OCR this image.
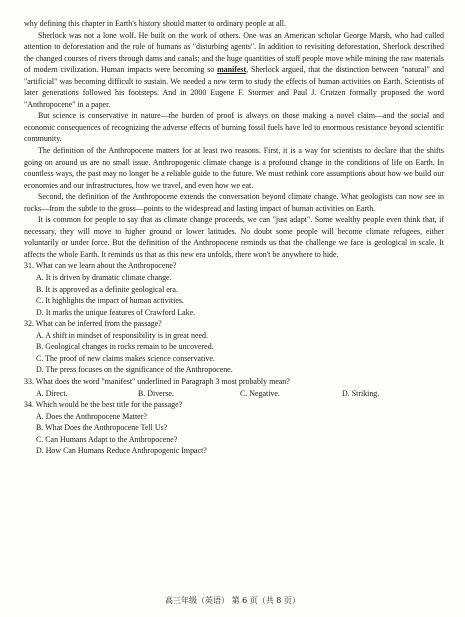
why defining this chapter in Earth's history should matter to ordinary people at all.

Sherlock was not a lone wolf. He built on the work of others. One was an American scholar George Marsh, who had called attention to deforestation and the role of humans as "disturbing agents". In addition to revisiting deforestation, Sherlock described the changed courses of rivers through dams and canals; and the huge quantities of stuff people move while mining the raw materials of modern civilization. Human impacts were becoming so manifest, Sherlock argued, that the distinction between "natural" and "artificial" was becoming difficult to sustain. We needed a new term to study the effects of human activities on Earth. Scientists of later generations followed his footsteps. And in 2000 Eugene F. Stormer and Paul J. Crutzen formally proposed the word "Anthropocene" in a paper.

But science is conservative in nature—the burden of proof is always on those making a novel claim—and the social and economic consequences of recognizing the adverse effects of burning fossil fuels have led to enormous resistance beyond scientific community.

The definition of the Anthropocene matters for at least two reasons. First, it is a way for scientists to declare that the shifts going on around us are no small issue. Anthropogenic climate change is a profound change in the conditions of life on Earth. In countless ways, the past may no longer be a reliable guide to the future. We must rethink core assumptions about how we build our economies and our infrastructures, how we travel, and even how we eat.

Second, the definition of the Anthropocene extends the conversation beyond climate change. What geologists can now see in rocks—from the subtle to the gross—points to the widespread and lasting impact of human activities on Earth.

It is common for people to say that as climate change proceeds, we can "just adapt". Some wealthy people even think that, if necessary, they will move to higher ground or lower latitudes. No doubt some people will become climate refugees, either voluntarily or under force. But the definition of the Anthropocene reminds us that the challenge we face is geological in scale. It affects the whole Earth. It reminds us that as this new era unfolds, there won't be anywhere to hide.

31. What can we learn about the Anthropocene?

A. It is driven by dramatic climate change.

B. It is approved as a definite geological era.

C. It highlights the impact of human activities.

D. It marks the unique features of Crawford Lake.

32. What can be inferred from the passage?

A. A shift in mindset of responsibility is in great need.

B. Geological changes in rocks remain to be uncovered.

C. The proof of new claims makes science conservative.

D. The press focuses on the significance of the Anthropocene.

33. What does the word "manifest" underlined in Paragraph 3 most probably mean?

A. Direct.	B. Diverse.	C. Negative.	D. Striking.

34. Which would be the best title for the passage?

A. Does the Anthropocene Matter?

B. What Does the Anthropocene Tell Us?

C. Can Humans Adapt to the Anthropocene?

D. How Can Humans Reduce Anthropogenic Impact?

高三年级（英语） 第 6 页（共 8 页）
